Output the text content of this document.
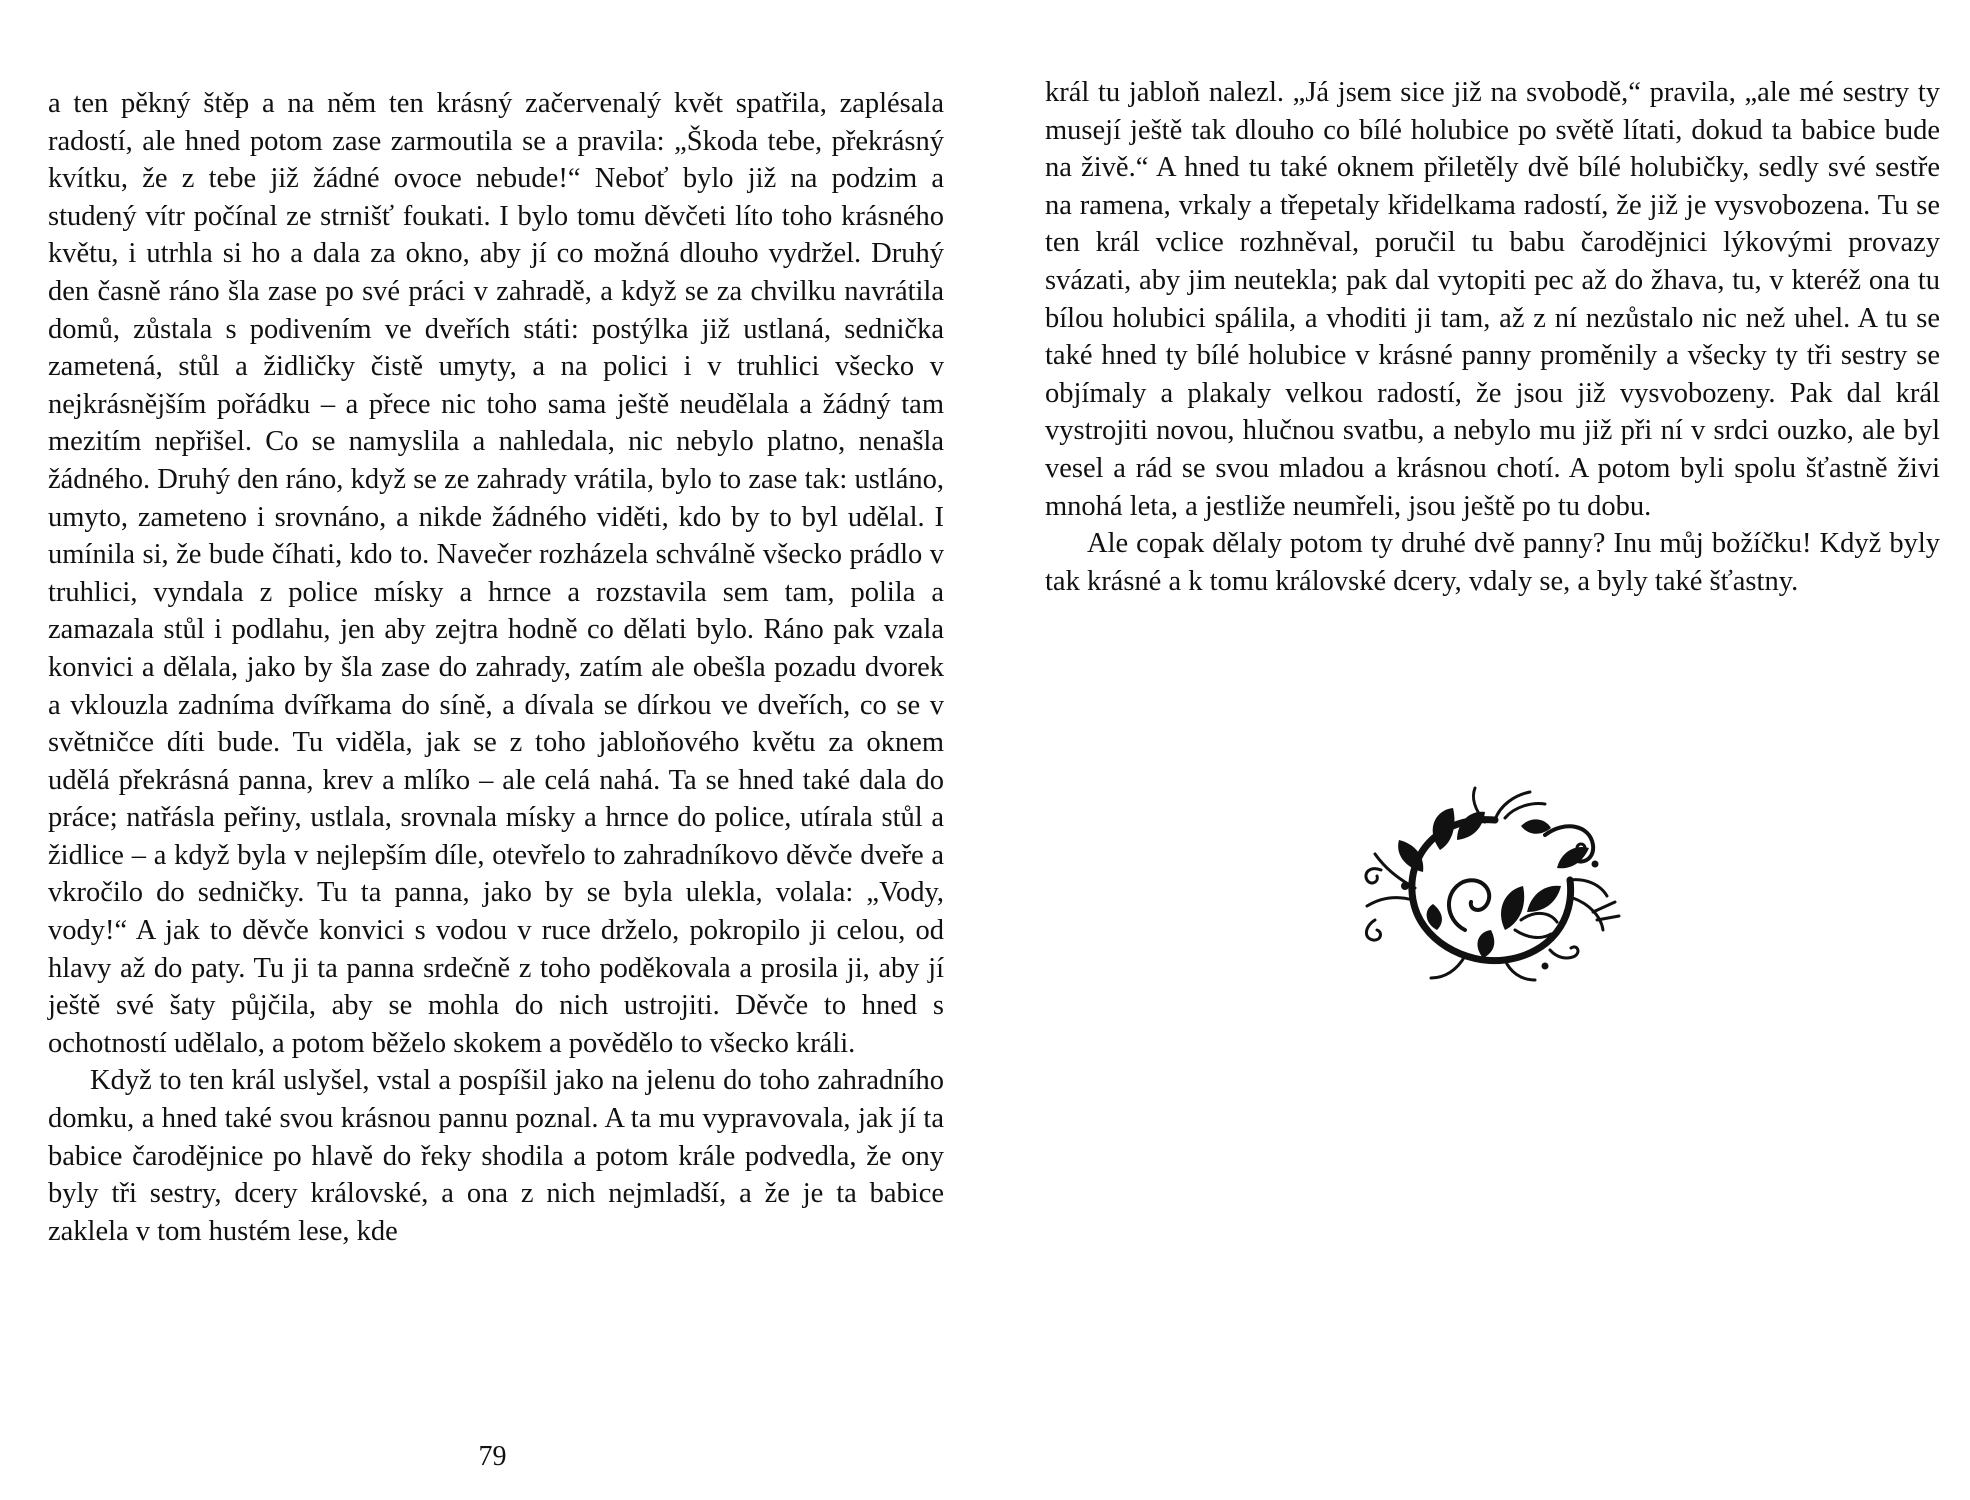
a ten pěkný štěp a na něm ten krásný začervenalý květ spatřila, zaplésala radostí, ale hned potom zase zarmoutila se a pravila: „Škoda tebe, překrásný kvítku, že z tebe již žádné ovoce nebude!“ Neboť bylo již na podzim a studený vítr počínal ze strnišť foukati. I bylo tomu děvčeti líto toho krásného květu, i utrhla si ho a dala za okno, aby jí co možná dlouho vydržel. Druhý den časně ráno šla zase po své práci v zahradě, a když se za chvilku navrátila domů, zůstala s podivením ve dveřích státi: postýlka již ustlaná, sednička zametená, stůl a židličky čistě umyty, a na polici i v truhlici všecko v nejkrásnějším pořádku – a přece nic toho sama ještě neudělala a žádný tam mezitím nepřišel. Co se namyslila a nahledala, nic nebylo platno, nenašla žádného. Druhý den ráno, když se ze zahrady vrátila, bylo to zase tak: ustláno, umyto, zameteno i srovnáno, a nikde žádného viděti, kdo by to byl udělal. I umínila si, že bude číhati, kdo to. Navečer rozházela schválně všecko prádlo v truhlici, vyndala z police mísky a hrnce a rozstavila sem tam, polila a zamazala stůl i podlahu, jen aby zejtra hodně co dělati bylo. Ráno pak vzala konvici a dělala, jako by šla zase do zahrady, zatím ale obešla pozadu dvorek a vklouzla zadníma dvířkama do síně, a dívala se dírkou ve dveřích, co se v světničce díti bude. Tu viděla, jak se z toho jabloňového květu za oknem udělá překrásná panna, krev a mlíko – ale celá nahá. Ta se hned také dala do práce; natřásla peřiny, ustlala, srovnala mísky a hrnce do police, utírala stůl a židlice – a když byla v nejlepším díle, otevřelo to zahradníkovo děvče dveře a vkročilo do sedničky. Tu ta panna, jako by se byla ulekla, volala: „Vody, vody!“ A jak to děvče konvici s vodou v ruce drželo, pokropilo ji celou, od hlavy až do paty. Tu ji ta panna srdečně z toho poděkovala a prosila ji, aby jí ještě své šaty půjčila, aby se mohla do nich ustrojiti. Děvče to hned s ochotností udělalo, a potom běželo skokem a povědělo to všecko králi.

Když to ten král uslyšel, vstal a pospíšil jako na jelenu do toho zahradního domku, a hned také svou krásnou pannu poznal. A ta mu vypravovala, jak jí ta babice čarodějnice po hlavě do řeky shodila a potom krále podvedla, že ony byly tři sestry, dcery královské, a ona z nich nejmladší, a že je ta babice zaklela v tom hustém lese, kde

79

král tu jabloň nalezl. „Já jsem sice již na svobodě,“ pravila, „ale mé sestry ty musejí ještě tak dlouho co bílé holubice po světě lítati, dokud ta babice bude na živě.“ A hned tu také oknem přiletěly dvě bílé holubičky, sedly své sestře na ramena, vrkaly a třepetaly křidelkama radostí, že již je vysvobozena. Tu se ten král vclice rozhněval, poručil tu babu čarodějnici lýkovými provazy svázati, aby jim neutekla; pak dal vytopiti pec až do žhava, tu, v kteréž ona tu bílou holubici spálila, a vhoditi ji tam, až z ní nezůstalo nic než uhel. A tu se také hned ty bílé holubice v krásné panny proměnily a všecky ty tři sestry se objímaly a plakaly velkou radostí, že jsou již vysvobozeny. Pak dal král vystrojiti novou, hlučnou svatbu, a nebylo mu již při ní v srdci ouzko, ale byl vesel a rád se svou mladou a krásnou chotí. A potom byli spolu šťastně živi mnohá leta, a jestliže neumřeli, jsou ještě po tu dobu.

Ale copak dělaly potom ty druhé dvě panny? Inu můj božíčku! Když byly tak krásné a k tomu královské dcery, vdaly se, a byly také šťastny.
